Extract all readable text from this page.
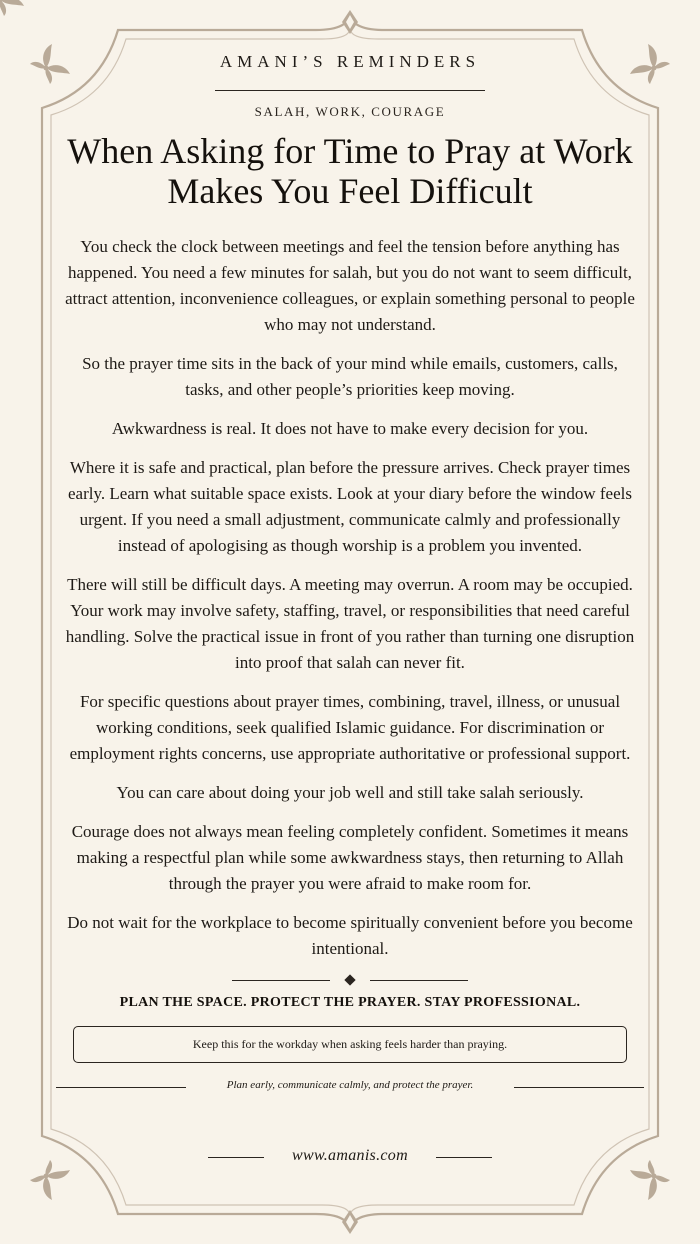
AMANI’S REMINDERS
SALAH, WORK, COURAGE
When Asking for Time to Pray at Work Makes You Feel Difficult

You check the clock between meetings and feel the tension before anything has happened. You need a few minutes for salah, but you do not want to seem difficult, attract attention, inconvenience colleagues, or explain something personal to people who may not understand.

So the prayer time sits in the back of your mind while emails, customers, calls, tasks, and other people’s priorities keep moving.

Awkwardness is real. It does not have to make every decision for you.

Where it is safe and practical, plan before the pressure arrives. Check prayer times early. Learn what suitable space exists. Look at your diary before the window feels urgent. If you need a small adjustment, communicate calmly and professionally instead of apologising as though worship is a problem you invented.

There will still be difficult days. A meeting may overrun. A room may be occupied. Your work may involve safety, staffing, travel, or responsibilities that need careful handling. Solve the practical issue in front of you rather than turning one disruption into proof that salah can never fit.

For specific questions about prayer times, combining, travel, illness, or unusual working conditions, seek qualified Islamic guidance. For discrimination or employment rights concerns, use appropriate authoritative or professional support.

You can care about doing your job well and still take salah seriously.

Courage does not always mean feeling completely confident. Sometimes it means making a respectful plan while some awkwardness stays, then returning to Allah through the prayer you were afraid to make room for.

Do not wait for the workplace to become spiritually convenient before you become intentional.

PLAN THE SPACE. PROTECT THE PRAYER. STAY PROFESSIONAL.
Keep this for the workday when asking feels harder than praying.
Plan early, communicate calmly, and protect the prayer.
www.amanis.com
